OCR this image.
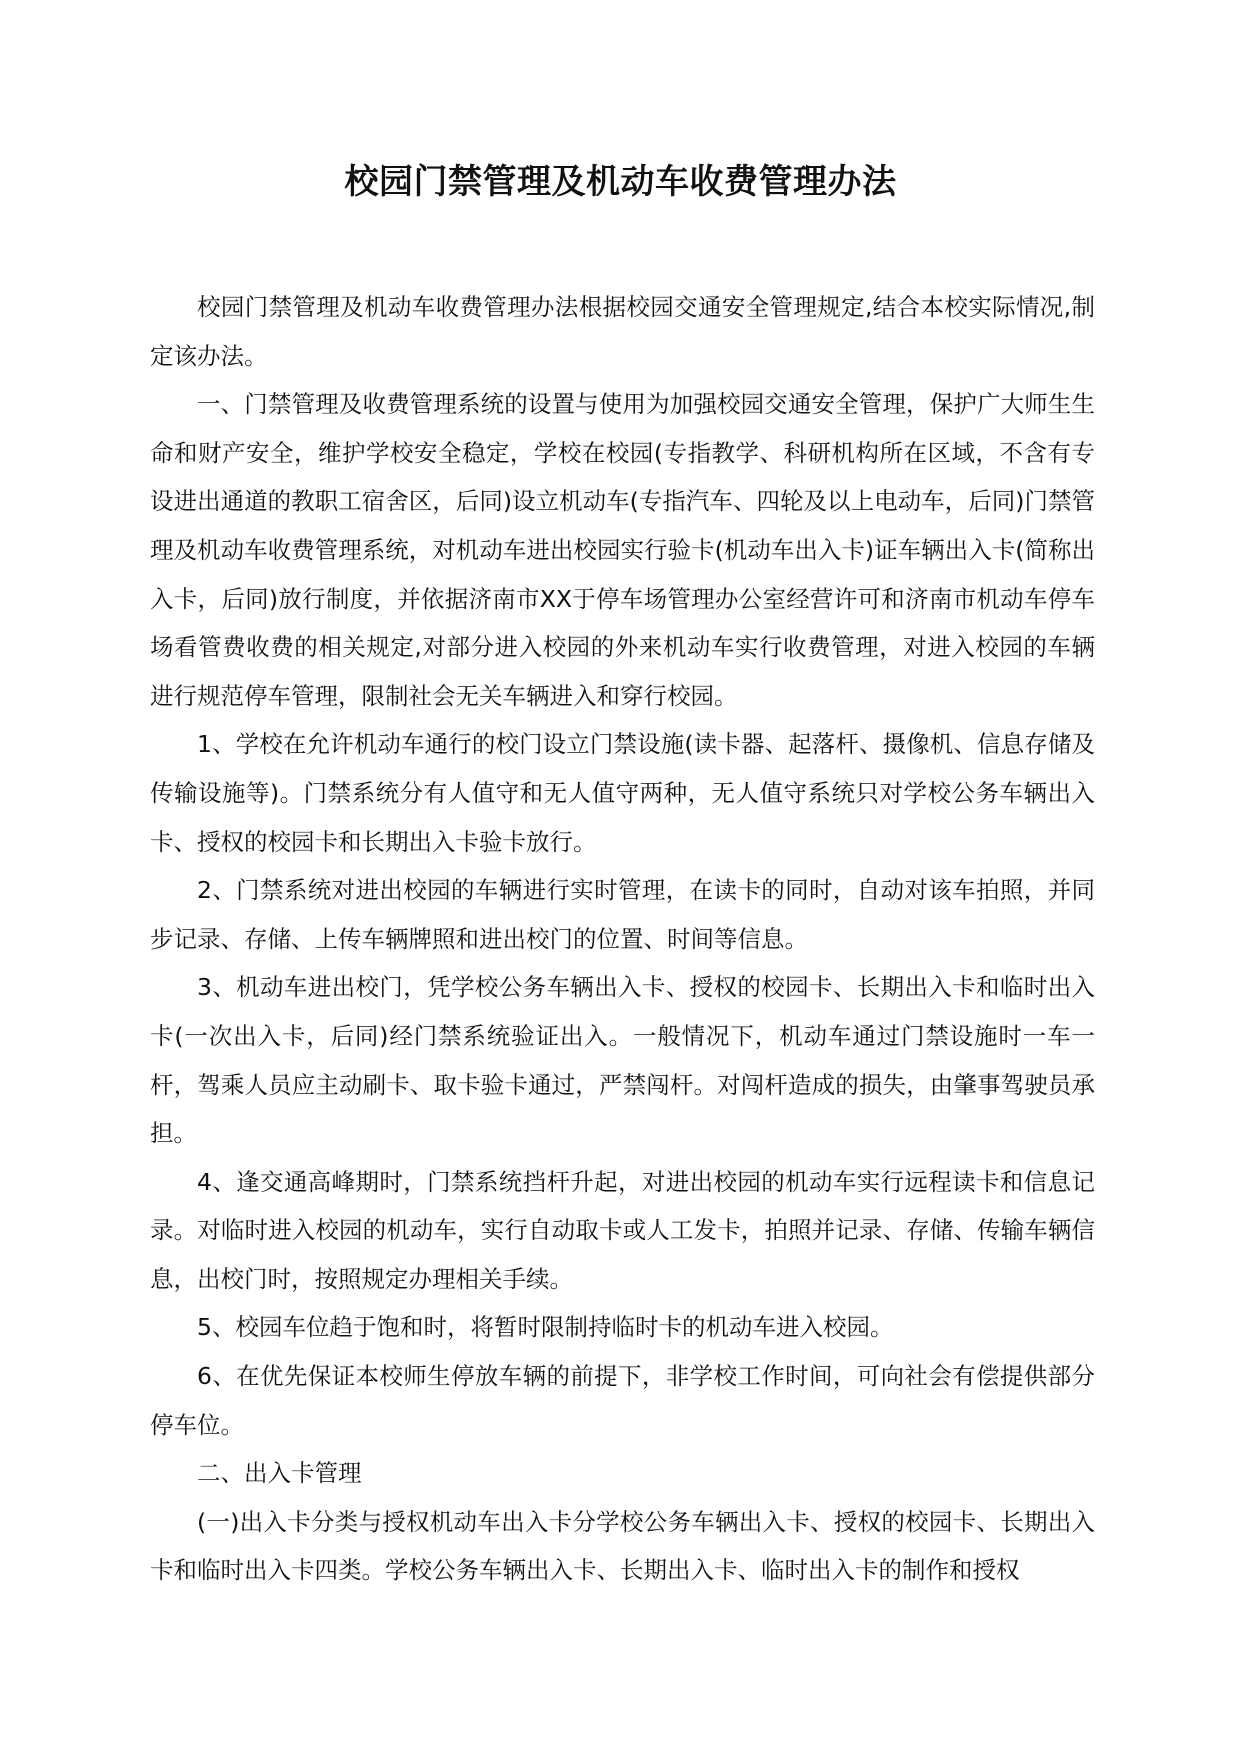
校园门禁管理及机动车收费管理办法

校园门禁管理及机动车收费管理办法根据校园交通安全管理规定,结合本校实际情况,制定该办法。

一、门禁管理及收费管理系统的设置与使用为加强校园交通安全管理，保护广大师生生命和财产安全，维护学校安全稳定，学校在校园(专指教学、科研机构所在区域，不含有专设进出通道的教职工宿舍区，后同)设立机动车(专指汽车、四轮及以上电动车，后同)门禁管理及机动车收费管理系统，对机动车进出校园实行验卡(机动车出入卡)证车辆出入卡(简称出入卡，后同)放行制度，并依据济南市XX于停车场管理办公室经营许可和济南市机动车停车场看管费收费的相关规定,对部分进入校园的外来机动车实行收费管理，对进入校园的车辆进行规范停车管理，限制社会无关车辆进入和穿行校园。

1、学校在允许机动车通行的校门设立门禁设施(读卡器、起落杆、摄像机、信息存储及传输设施等)。门禁系统分有人值守和无人值守两种，无人值守系统只对学校公务车辆出入卡、授权的校园卡和长期出入卡验卡放行。

2、门禁系统对进出校园的车辆进行实时管理，在读卡的同时，自动对该车拍照，并同步记录、存储、上传车辆牌照和进出校门的位置、时间等信息。

3、机动车进出校门，凭学校公务车辆出入卡、授权的校园卡、长期出入卡和临时出入卡(一次出入卡，后同)经门禁系统验证出入。一般情况下，机动车通过门禁设施时一车一杆，驾乘人员应主动刷卡、取卡验卡通过，严禁闯杆。对闯杆造成的损失，由肇事驾驶员承担。

4、逢交通高峰期时，门禁系统挡杆升起，对进出校园的机动车实行远程读卡和信息记录。对临时进入校园的机动车，实行自动取卡或人工发卡，拍照并记录、存储、传输车辆信息，出校门时，按照规定办理相关手续。

5、校园车位趋于饱和时，将暂时限制持临时卡的机动车进入校园。

6、在优先保证本校师生停放车辆的前提下，非学校工作时间，可向社会有偿提供部分停车位。

二、出入卡管理

(一)出入卡分类与授权机动车出入卡分学校公务车辆出入卡、授权的校园卡、长期出入卡和临时出入卡四类。学校公务车辆出入卡、长期出入卡、临时出入卡的制作和授权
